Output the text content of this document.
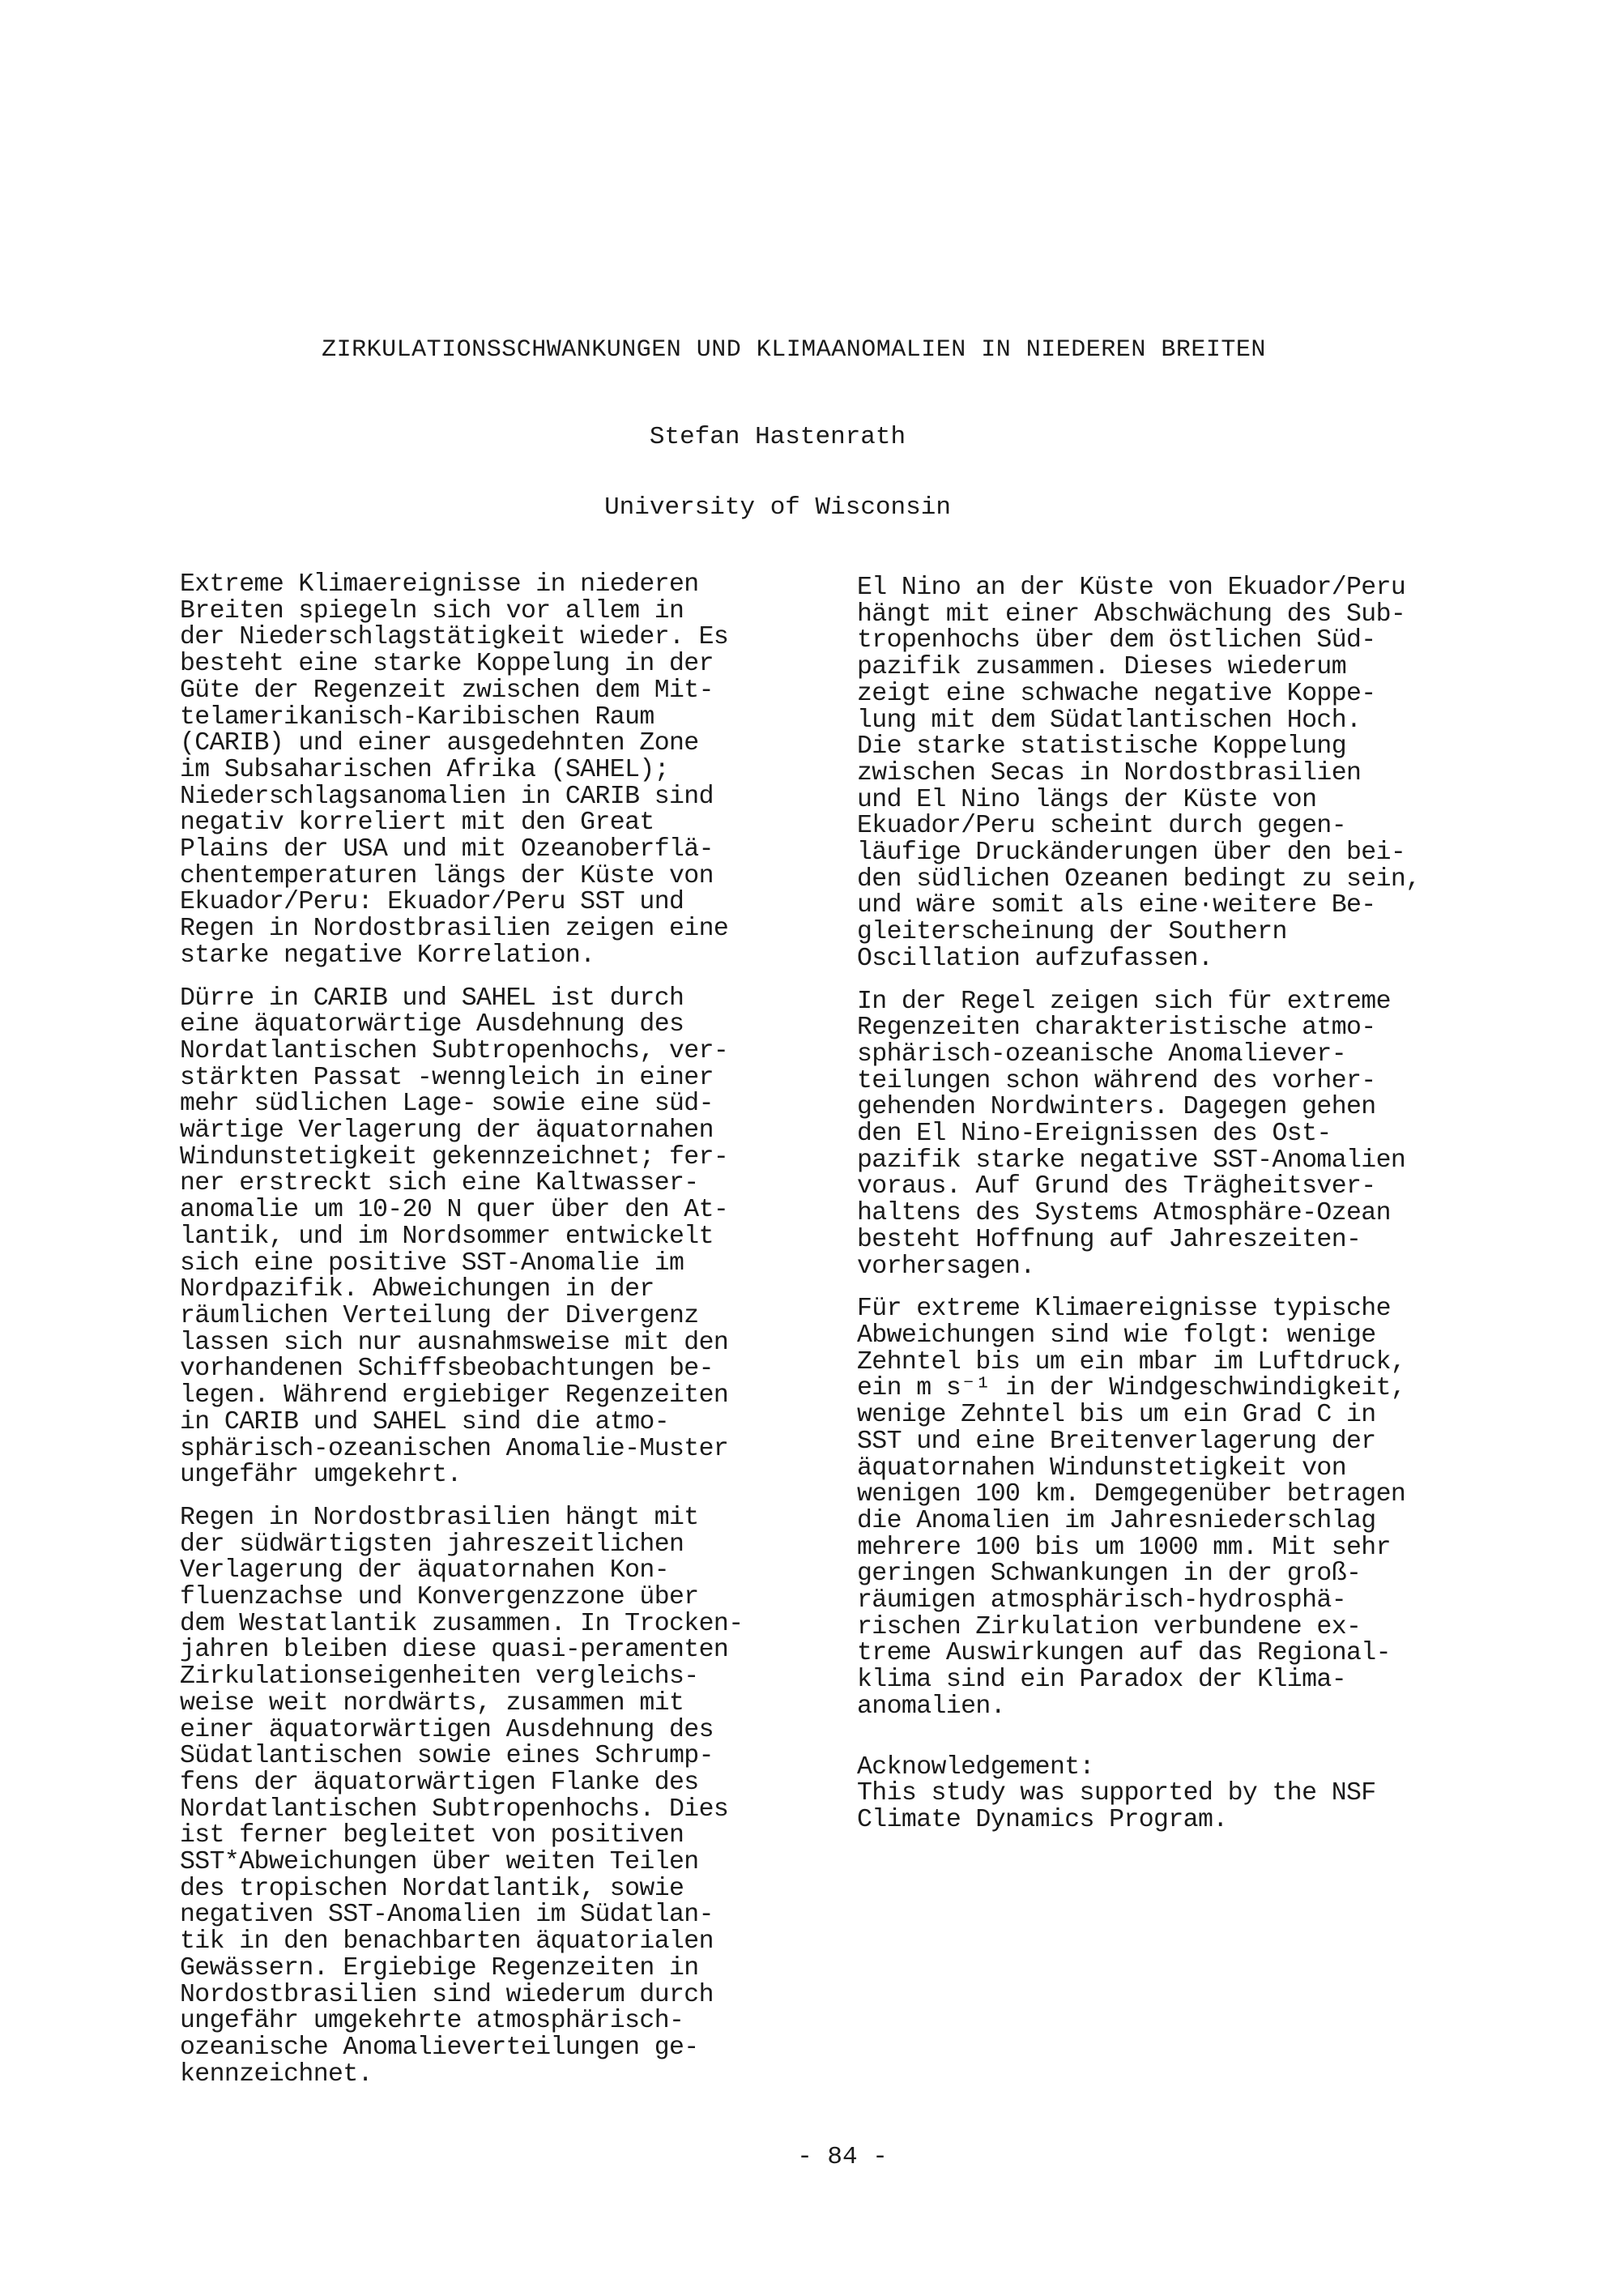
ZIRKULATIONSSCHWANKUNGEN UND KLIMAANOMALIEN IN NIEDEREN BREITEN
Stefan Hastenrath
University of Wisconsin
Extreme Klimaereignisse in niederen
Breiten spiegeln sich vor allem in
der Niederschlagstätigkeit wieder. Es
besteht eine starke Koppelung in der
Güte der Regenzeit zwischen dem Mit-
telamerikanisch-Karibischen Raum
(CARIB) und einer ausgedehnten Zone
im Subsaharischen Afrika (SAHEL);
Niederschlagsanomalien in CARIB sind
negativ korreliert mit den Great
Plains der USA und mit Ozeanoberflä-
chentemperaturen längs der Küste von
Ekuador/Peru: Ekuador/Peru SST und
Regen in Nordostbrasilien zeigen eine
starke negative Korrelation.
Dürre in CARIB und SAHEL ist durch
eine äquatorwärtige Ausdehnung des
Nordatlantischen Subtropenhochs, ver-
stärkten Passat -wenngleich in einer
mehr südlichen Lage- sowie eine süd-
wärtige Verlagerung der äquatornahen
Windunstetigkeit gekennzeichnet; fer-
ner erstreckt sich eine Kaltwasser-
anomalie um 10-20 N quer über den At-
lantik, und im Nordsommer entwickelt
sich eine positive SST-Anomalie im
Nordpazifik. Abweichungen in der
räumlichen Verteilung der Divergenz
lassen sich nur ausnahmsweise mit den
vorhandenen Schiffsbeobachtungen be-
legen. Während ergiebiger Regenzeiten
in CARIB und SAHEL sind die atmo-
sphärisch-ozeanischen Anomalie-Muster
ungefähr umgekehrt.
Regen in Nordostbrasilien hängt mit
der südwärtigsten jahreszeitlichen
Verlagerung der äquatornahen Kon-
fluenzachse und Konvergenzzone über
dem Westatlantik zusammen. In Trocken-
jahren bleiben diese quasi-peramenten
Zirkulationseigenheiten vergleichs-
weise weit nordwärts, zusammen mit
einer äquatorwärtigen Ausdehnung des
Südatlantischen sowie eines Schrump-
fens der äquatorwärtigen Flanke des
Nordatlantischen Subtropenhochs. Dies
ist ferner begleitet von positiven
SST*Abweichungen über weiten Teilen
des tropischen Nordatlantik, sowie
negativen SST-Anomalien im Südatlan-
tik in den benachbarten äquatorialen
Gewässern. Ergiebige Regenzeiten in
Nordostbrasilien sind wiederum durch
ungefähr umgekehrte atmosphärisch-
ozeanische Anomalieverteilungen ge-
kennzeichnet.
El Nino an der Küste von Ekuador/Peru
hängt mit einer Abschwächung des Sub-
tropenhochs über dem östlichen Süd-
pazifik zusammen. Dieses wiederum
zeigt eine schwache negative Koppe-
lung mit dem Südatlantischen Hoch.
Die starke statistische Koppelung
zwischen Secas in Nordostbrasilien
und El Nino längs der Küste von
Ekuador/Peru scheint durch gegen-
läufige Druckänderungen über den bei-
den südlichen Ozeanen bedingt zu sein,
und wäre somit als eine·weitere Be-
gleiterscheinung der Southern
Oscillation aufzufassen.
In der Regel zeigen sich für extreme
Regenzeiten charakteristische atmo-
sphärisch-ozeanische Anomaliever-
teilungen schon während des vorher-
gehenden Nordwinters. Dagegen gehen
den El Nino-Ereignissen des Ost-
pazifik starke negative SST-Anomalien
voraus. Auf Grund des Trägheitsver-
haltens des Systems Atmosphäre-Ozean
besteht Hoffnung auf Jahreszeiten-
vorhersagen.
Für extreme Klimaereignisse typische
Abweichungen sind wie folgt: wenige
Zehntel bis um ein mbar im Luftdruck,
ein m s⁻¹ in der Windgeschwindigkeit,
wenige Zehntel bis um ein Grad C in
SST und eine Breitenverlagerung der
äquatornahen Windunstetigkeit von
wenigen 100 km. Demgegenüber betragen
die Anomalien im Jahresniederschlag
mehrere 100 bis um 1000 mm. Mit sehr
geringen Schwankungen in der groß-
räumigen atmosphärisch-hydrosphä-
rischen Zirkulation verbundene ex-
treme Auswirkungen auf das Regional-
klima sind ein Paradox der Klima-
anomalien.
Acknowledgement:
This study was supported by the NSF
Climate Dynamics Program.
- 84 -
